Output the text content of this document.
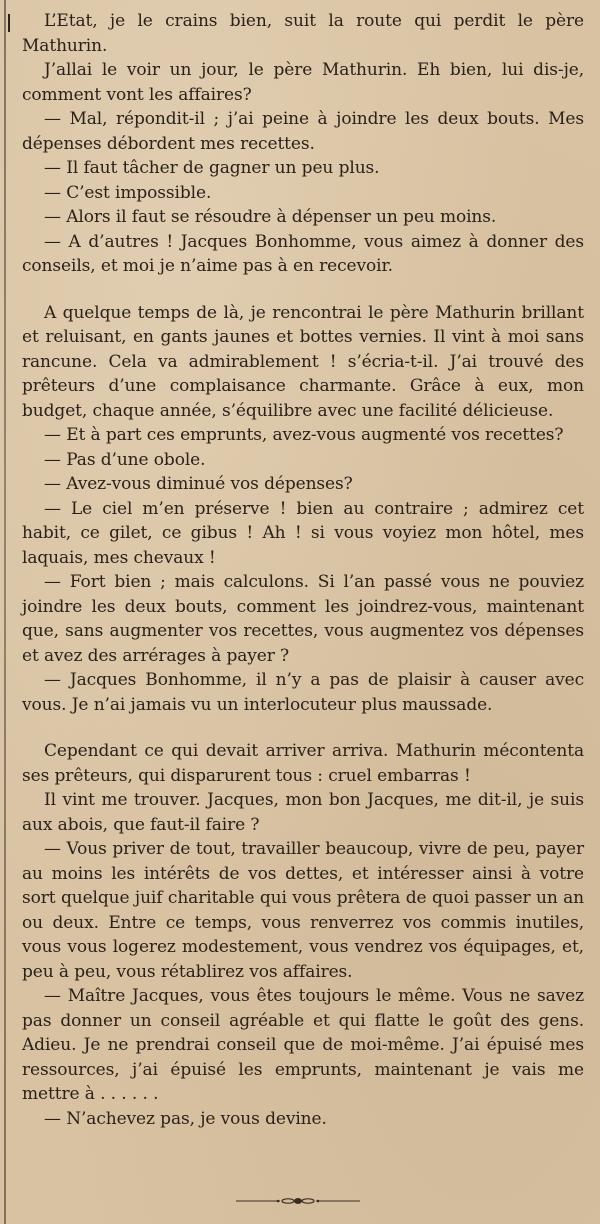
L’Etat, je le crains bien, suit la route qui perdit le père Mathurin.

J’allai le voir un jour, le père Mathurin. Eh bien, lui dis-je, comment vont les affaires?

— Mal, répondit-il ; j’ai peine à joindre les deux bouts. Mes dépenses débordent mes recettes.

— Il faut tâcher de gagner un peu plus.

— C’est impossible.

— Alors il faut se résoudre à dépenser un peu moins.

— A d’autres ! Jacques Bonhomme, vous aimez à donner des conseils, et moi je n’aime pas à en recevoir.

A quelque temps de là, je rencontrai le père Mathurin brillant et reluisant, en gants jaunes et bottes vernies. Il vint à moi sans rancune. Cela va admirablement ! s’écria-t-il. J’ai trouvé des prêteurs d’une complaisance charmante. Grâce à eux, mon budget, chaque année, s’équilibre avec une facilité délicieuse.

— Et à part ces emprunts, avez-vous augmenté vos recettes?

— Pas d’une obole.

— Avez-vous diminué vos dépenses?

— Le ciel m’en préserve ! bien au contraire ; admirez cet habit, ce gilet, ce gibus ! Ah ! si vous voyiez mon hôtel, mes laquais, mes chevaux !

— Fort bien ; mais calculons. Si l’an passé vous ne pouviez joindre les deux bouts, comment les joindrez-vous, maintenant que, sans augmenter vos recettes, vous augmentez vos dépenses et avez des arrérages à payer ?

— Jacques Bonhomme, il n’y a pas de plaisir à causer avec vous. Je n’ai jamais vu un interlocuteur plus maussade.

Cependant ce qui devait arriver arriva. Mathurin mécontenta ses prêteurs, qui disparurent tous : cruel embarras !

Il vint me trouver. Jacques, mon bon Jacques, me dit-il, je suis aux abois, que faut-il faire ?

— Vous priver de tout, travailler beaucoup, vivre de peu, payer au moins les intérêts de vos dettes, et intéresser ainsi à votre sort quelque juif charitable qui vous prêtera de quoi passer un an ou deux. Entre ce temps, vous renverrez vos commis inutiles, vous vous logerez modestement, vous vendrez vos équipages, et, peu à peu, vous rétablirez vos affaires.

— Maître Jacques, vous êtes toujours le même. Vous ne savez pas donner un conseil agréable et qui flatte le goût des gens. Adieu. Je ne prendrai conseil que de moi-même. J’ai épuisé mes ressources, j’ai épuisé les emprunts, maintenant je vais me mettre à . . . . . .

— N’achevez pas, je vous devine.
